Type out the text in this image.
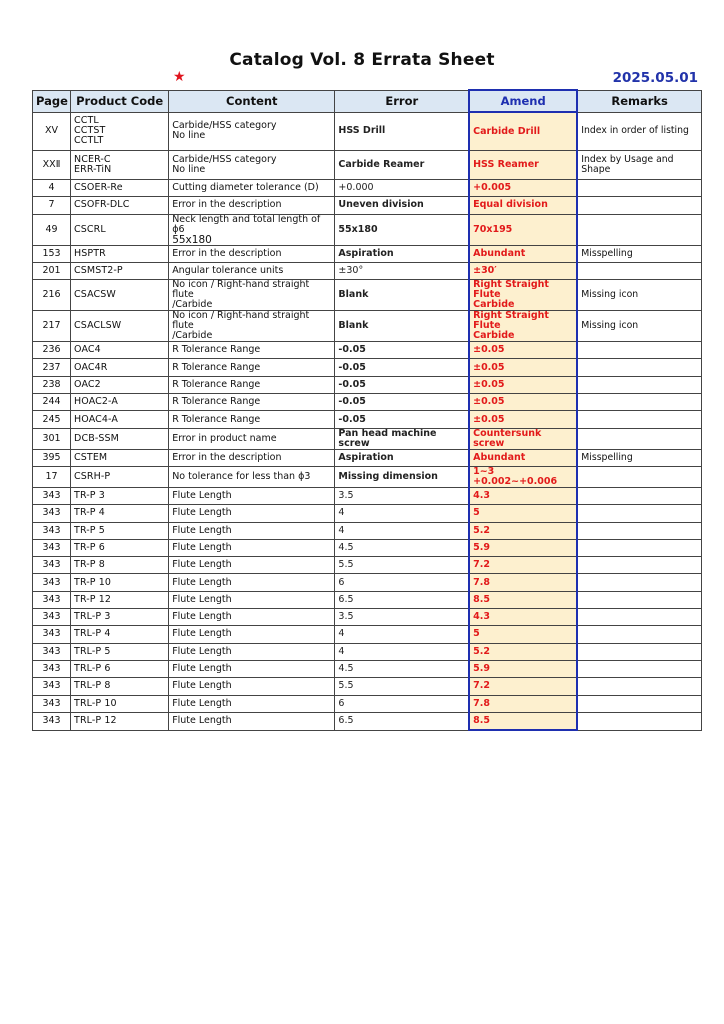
Catalog Vol. 8 Errata Sheet
★	2025.05.01
Page	Product Code	Content	Error	Amend	Remarks
XV	CCTL
CCTST
CCTLT	Carbide/HSS category
No line	HSS Drill	Carbide Drill	Index in order of listing

XXⅡ	NCER-C
ERR-TiN	Carbide/HSS category
No line	Carbide Reamer	HSS Reamer	Index by Usage and
Shape

4	CSOER-Re	Cutting diameter tolerance (D)	+0.000	+0.005	

7	CSOFR-DLC	Error in the description	Uneven division	Equal division	

49	CSCRL	Neck length and total length of ϕ6
55x180	55x180	70x195	

153	HSPTR	Error in the description	Aspiration	Abundant	Misspelling

201	CSMST2-P	Angular tolerance units	±30°	±30′	

216	CSACSW	No icon / Right-hand straight flute
/Carbide	Blank	Right Straight Flute
Carbide	Missing icon

217	CSACLSW	No icon / Right-hand straight flute
/Carbide	Blank	Right Straight Flute
Carbide	Missing icon

236	OAC4	R Tolerance Range	-0.05	±0.05	

237	OAC4R	R Tolerance Range	-0.05	±0.05	

238	OAC2	R Tolerance Range	-0.05	±0.05	

244	HOAC2-A	R Tolerance Range	-0.05	±0.05	

245	HOAC4-A	R Tolerance Range	-0.05	±0.05	

301	DCB-SSM	Error in product name	Pan head machine screw	Countersunk screw	

395	CSTEM	Error in the description	Aspiration	Abundant	Misspelling

17	CSRH-P	No tolerance for less than ϕ3	Missing dimension	1~3
+0.002~+0.006	

343	TR-P 3	Flute Length	3.5	4.3	

343	TR-P 4	Flute Length	4	5	

343	TR-P 5	Flute Length	4	5.2	

343	TR-P 6	Flute Length	4.5	5.9	

343	TR-P 8	Flute Length	5.5	7.2	

343	TR-P 10	Flute Length	6	7.8	

343	TR-P 12	Flute Length	6.5	8.5	

343	TRL-P 3	Flute Length	3.5	4.3	

343	TRL-P 4	Flute Length	4	5	

343	TRL-P 5	Flute Length	4	5.2	

343	TRL-P 6	Flute Length	4.5	5.9	

343	TRL-P 8	Flute Length	5.5	7.2	

343	TRL-P 10	Flute Length	6	7.8	

343	TRL-P 12	Flute Length	6.5	8.5	
